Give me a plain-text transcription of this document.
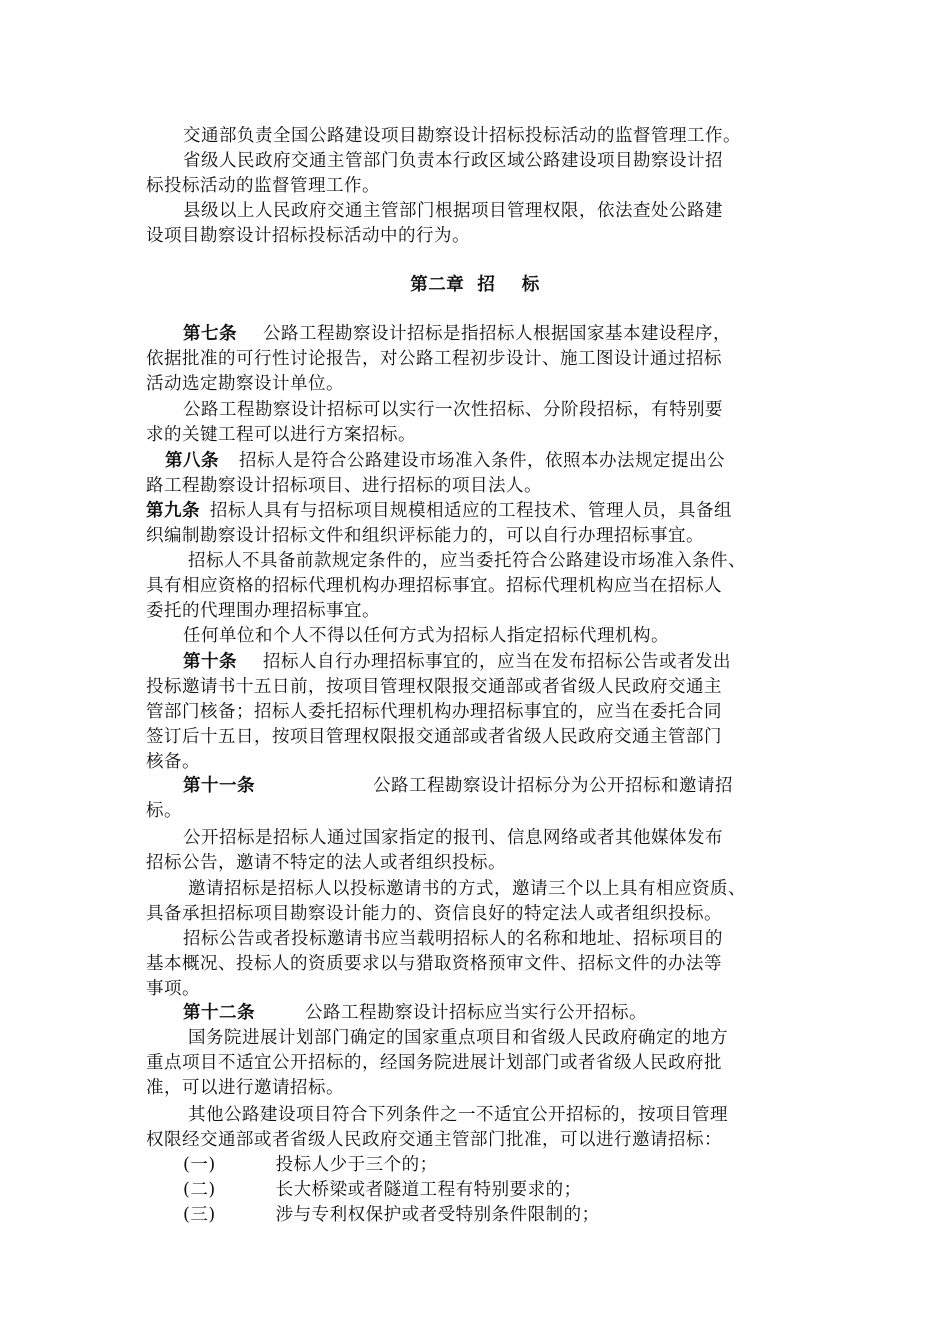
交通部负责全国公路建设项目勘察设计招标投标活动的监督管理工作。
省级人民政府交通主管部门负责本行政区域公路建设项目勘察设计招
标投标活动的监督管理工作。
县级以上人民政府交通主管部门根据项目管理权限，依法查处公路建
设项目勘察设计招标投标活动中的行为。
第二章  招    标
第七条 公路工程勘察设计招标是指招标人根据国家基本建设程序，
依据批准的可行性讨论报告，对公路工程初步设计、施工图设计通过招标
活动选定勘察设计单位。
公路工程勘察设计招标可以实行一次性招标、分阶段招标，有特别要
求的关键工程可以进行方案招标。
第八条 招标人是符合公路建设市场准入条件，依照本办法规定提出公
路工程勘察设计招标项目、进行招标的项目法人。
第九条 招标人具有与招标项目规模相适应的工程技术、管理人员，具备组
织编制勘察设计招标文件和组织评标能力的，可以自行办理招标事宜。
招标人不具备前款规定条件的，应当委托符合公路建设市场准入条件、
具有相应资格的招标代理机构办理招标事宜。招标代理机构应当在招标人
委托的代理围办理招标事宜。
任何单位和个人不得以任何方式为招标人指定招标代理机构。
第十条 招标人自行办理招标事宜的，应当在发布招标公告或者发出
投标邀请书十五日前，按项目管理权限报交通部或者省级人民政府交通主
管部门核备；招标人委托招标代理机构办理招标事宜的，应当在委托合同
签订后十五日，按项目管理权限报交通部或者省级人民政府交通主管部门
核备。
第十一条	公路工程勘察设计招标分为公开招标和邀请招
标。
公开招标是招标人通过国家指定的报刊、信息网络或者其他媒体发布
招标公告，邀请不特定的法人或者组织投标。
邀请招标是招标人以投标邀请书的方式，邀请三个以上具有相应资质、
具备承担招标项目勘察设计能力的、资信良好的特定法人或者组织投标。
招标公告或者投标邀请书应当载明招标人的名称和地址、招标项目的
基本概况、投标人的资质要求以与猎取资格预审文件、招标文件的办法等
事项。
第十二条	公路工程勘察设计招标应当实行公开招标。
国务院进展计划部门确定的国家重点项目和省级人民政府确定的地方
重点项目不适宜公开招标的，经国务院进展计划部门或者省级人民政府批
准，可以进行邀请招标。
其他公路建设项目符合下列条件之一不适宜公开招标的，按项目管理
权限经交通部或者省级人民政府交通主管部门批准，可以进行邀请招标：
(一)	投标人少于三个的；
(二)	长大桥梁或者隧道工程有特别要求的；
(三)	涉与专利权保护或者受特别条件限制的；
